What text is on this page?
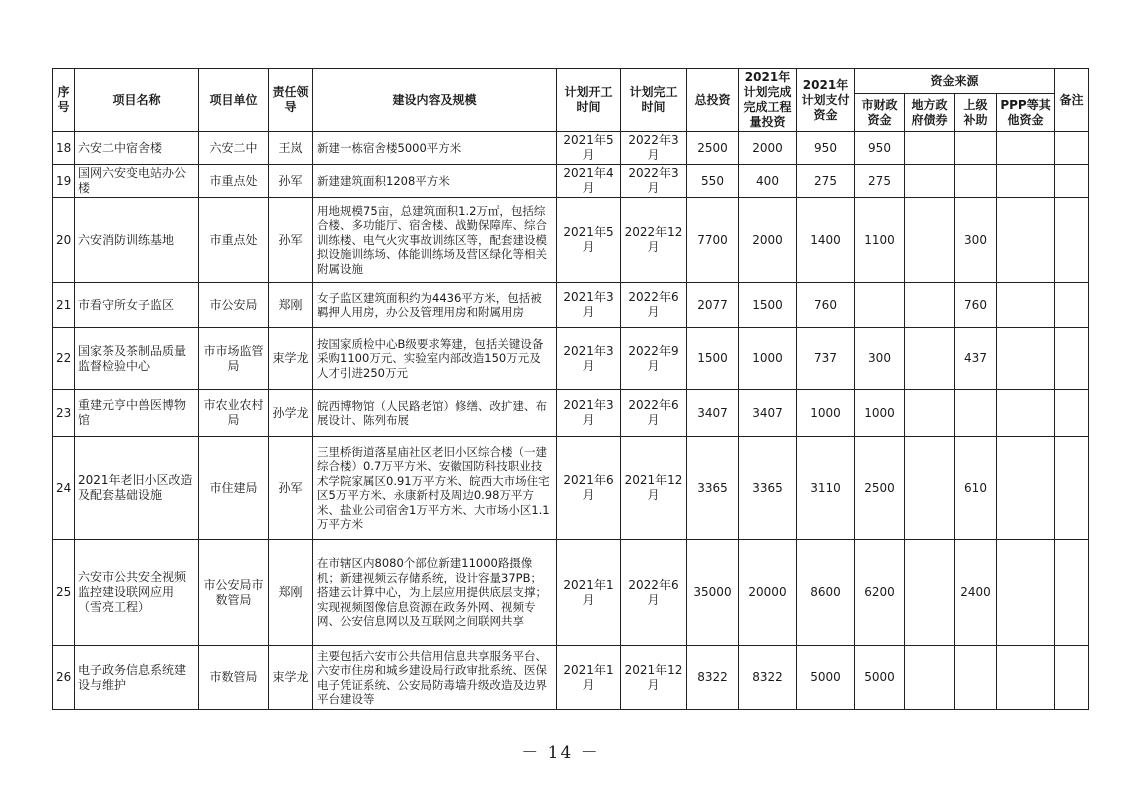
序号	项目名称	项目单位	责任领导	建设内容及规模	计划开工时间	计划完工时间	总投资	2021年计划完成完成工程量投资	2021年计划支付资金	资金来源				备注
										市财政资金	地方政府债券	上级补助	PPP等其他资金	
18	六安二中宿舍楼	六安二中	王岚	新建一栋宿舍楼5000平方米	2021年5月	2022年3月	2500	2000	950	950				
19	国网六安变电站办公楼	市重点处	孙军	新建建筑面积1208平方米	2021年4月	2022年3月	550	400	275	275				
20	六安消防训练基地	市重点处	孙军	用地规模75亩，总建筑面积1.2万㎡，包括综合楼、多功能厅、宿舍楼、战勤保障库、综合训练楼、电气火灾事故训练区等，配套建设模拟设施训练场、体能训练场及营区绿化等相关附属设施	2021年5月	2022年12月	7700	2000	1400	1100		300		
21	市看守所女子监区	市公安局	郑刚	女子监区建筑面积约为4436平方米，包括被羁押人用房，办公及管理用房和附属用房	2021年3月	2022年6月	2077	1500	760			760		
22	国家茶及茶制品质量监督检验中心	市市场监管局	束学龙	按国家质检中心B级要求筹建，包括关键设备采购1100万元、实验室内部改造150万元及人才引进250万元	2021年3月	2022年9月	1500	1000	737	300		437		
23	重建元亨中兽医博物馆	市农业农村局	孙学龙	皖西博物馆（人民路老馆）修缮、改扩建、布展设计、陈列布展	2021年3月	2022年6月	3407	3407	1000	1000				
24	2021年老旧小区改造及配套基础设施	市住建局	孙军	三里桥街道落星庙社区老旧小区综合楼（一建综合楼）0.7万平方米、安徽国防科技职业技术学院家属区0.91万平方米、皖西大市场住宅区5万平方米、永康新村及周边0.98万平方米、盐业公司宿舍1万平方米、大市场小区1.1万平方米	2021年6月	2021年12月	3365	3365	3110	2500		610		
25	六安市公共安全视频监控建设联网应用（雪亮工程）	市公安局市数管局	郑刚	在市辖区内8080个部位新建11000路摄像机；新建视频云存储系统，设计容量37PB；搭建云计算中心，为上层应用提供底层支撑；实现视频图像信息资源在政务外网、视频专网、公安信息网以及互联网之间联网共享	2021年1月	2022年6月	35000	20000	8600	6200		2400		
26	电子政务信息系统建设与维护	市数管局	束学龙	主要包括六安市公共信用信息共享服务平台、六安市住房和城乡建设局行政审批系统、医保电子凭证系统、公安局防毒墙升级改造及边界平台建设等	2021年1月	2021年12月	8322	8322	5000	5000				
－ 14 －
